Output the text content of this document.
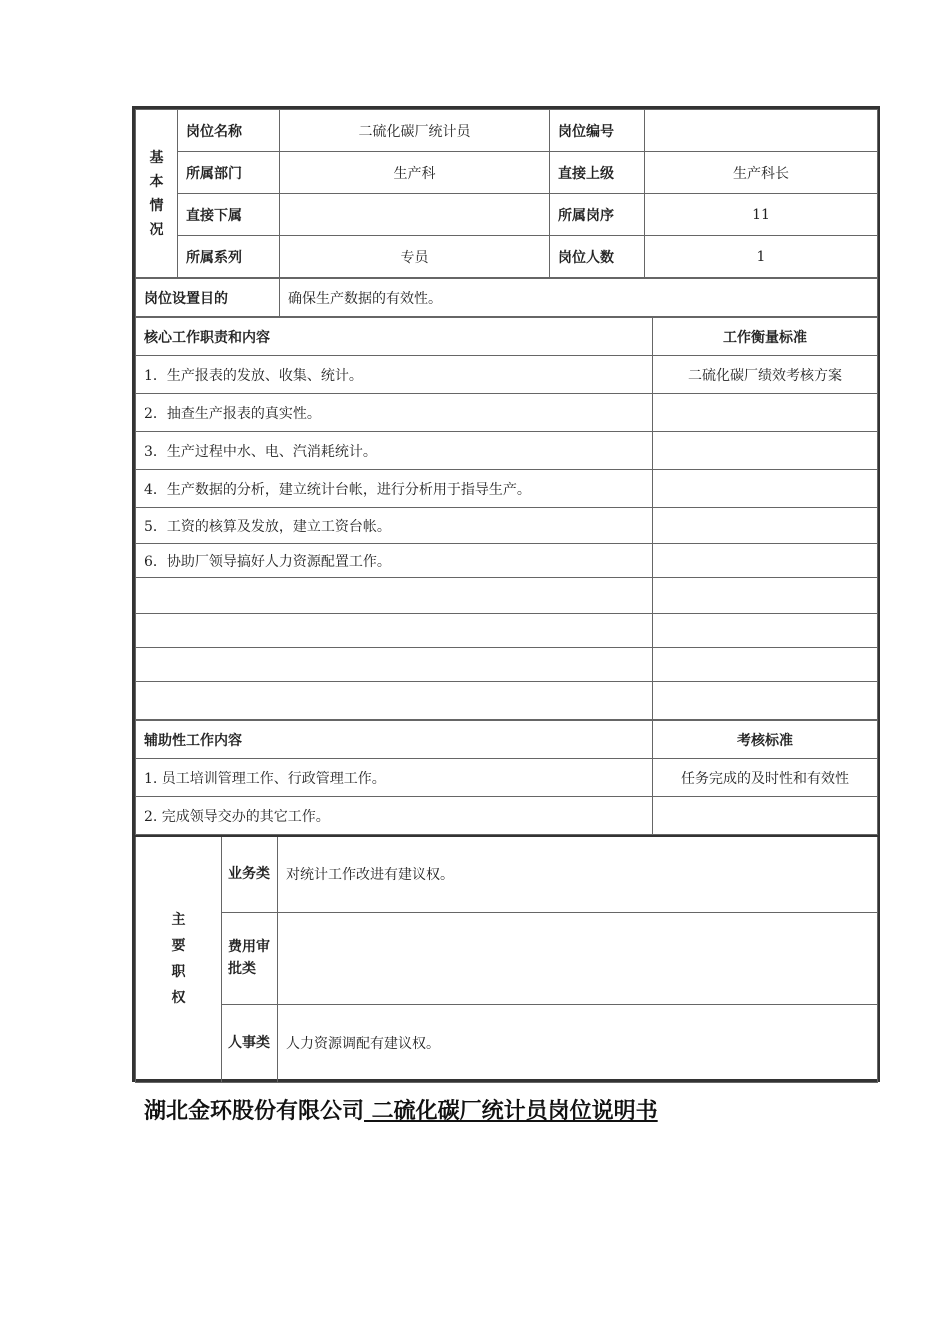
基本情况	岗位名称	二硫化碳厂统计员	岗位编号	
	所属部门	生产科	直接上级	生产科长
	直接下属		所属岗序	11
	所属系列	专员	岗位人数	1
岗位设置目的	确保生产数据的有效性。
核心工作职责和内容	工作衡量标准
1．生产报表的发放、收集、统计。	二硫化碳厂绩效考核方案
2．抽查生产报表的真实性。	
3．生产过程中水、电、汽消耗统计。	
4．生产数据的分析，建立统计台帐，进行分析用于指导生产。	
5．工资的核算及发放，建立工资台帐。	
6．协助厂领导搞好人力资源配置工作。	

辅助性工作内容	考核标准
1. 员工培训管理工作、行政管理工作。	任务完成的及时性和有效性
2. 完成领导交办的其它工作。	
主要职权	业务类	对统计工作改进有建议权。
	费用审批类	
	人事类	人力资源调配有建议权。
湖北金环股份有限公司 二硫化碳厂统计员岗位说明书
